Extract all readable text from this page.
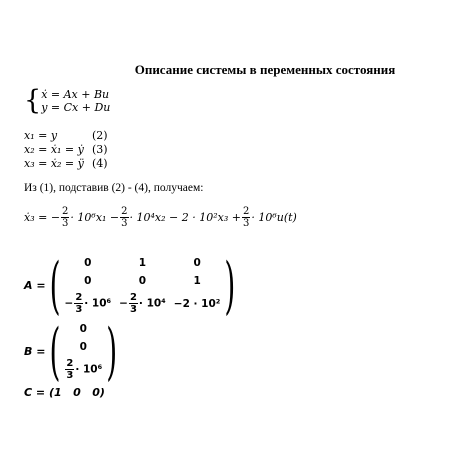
Описание системы в переменных состояния
{ ẋ = Ax + Bu
y = Cx + Du
x₁ = y	(2)
x₂ = ẋ₁ = ẏ (3)
x₃ = ẋ₂ = ÿ (4)
Из (1), подставив (2) - (4), получаем:
ẋ₃ = − $\frac{2}{3} \cdot 10^6x_1 - \frac{2}{3} \cdot 10^4x_2 - 2 \cdot 10^2x_3 + \frac{2}{3} \cdot 10^6u(t)$
A = ( 0	1	0
0	0	1
− $\frac{2}{3} \cdot 10^6$	− $\frac{2}{3} \cdot 10^4$	−2 · 10² )
B = ( 0
0

$\frac{2}{3} \cdot 10^6$ )
C = (1   0   0)
